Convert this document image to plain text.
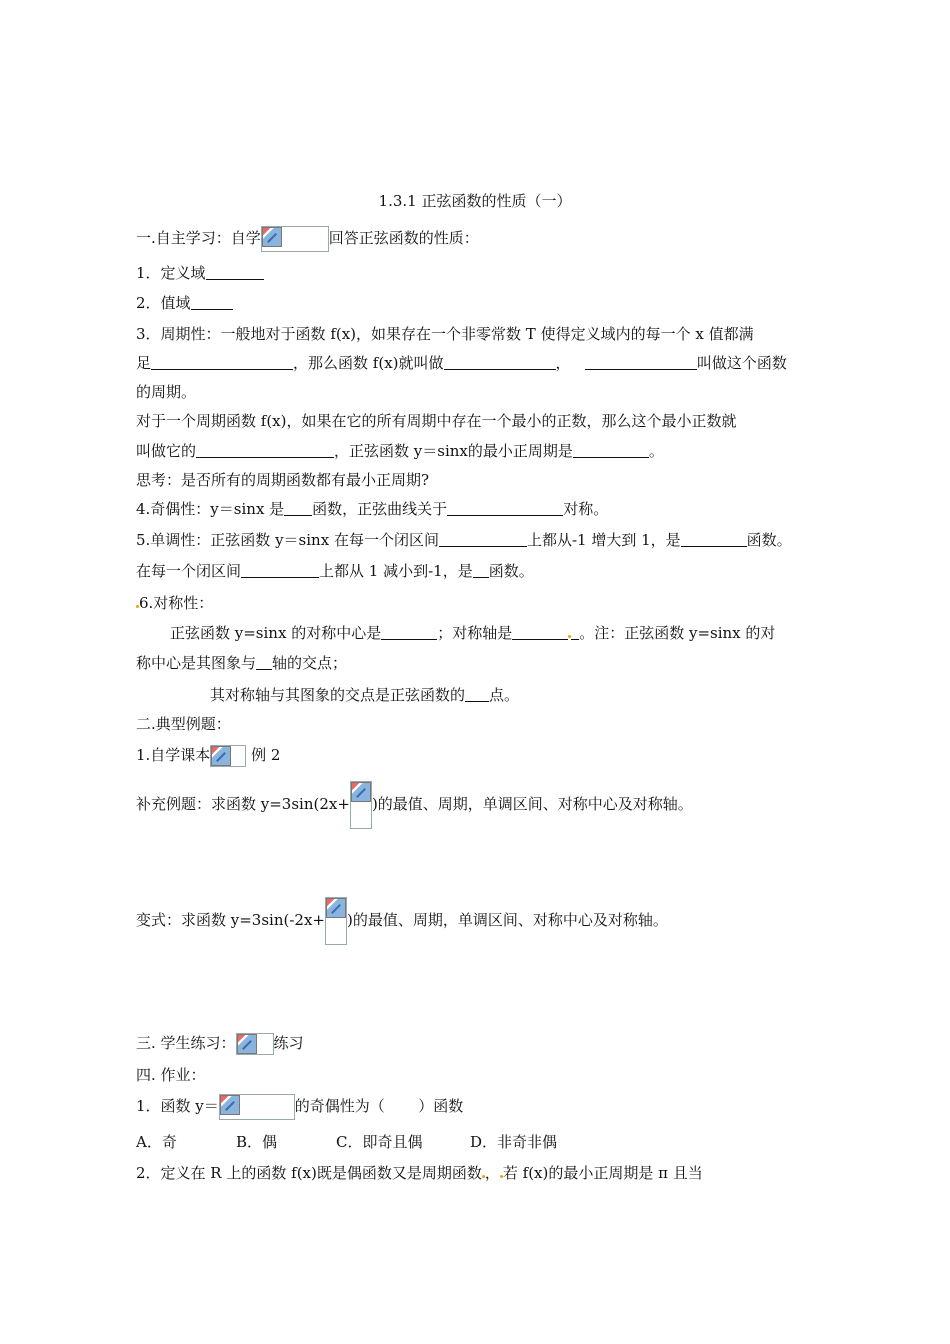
1.3.1 正弦函数的性质（一）
一.自主学习：自学	回答正弦函数的性质：
1．定义域
2．值域
3．周期性：一般地对于函数 f(x)，如果存在一个非零常数 T 使得定义域内的每一个 x 值都满
足	，那么函数 f(x)就叫做	，	叫做这个函数
的周期。
对于一个周期函数 f(x)，如果在它的所有周期中存在一个最小的正数，那么这个最小正数就
叫做它的	，正弦函数 y＝sinx的最小正周期是	。
思考：是否所有的周期函数都有最小正周期?
4.奇偶性：y＝sinx 是 函数，正弦曲线关于	对称。
5.单调性：正弦函数 y＝sinx 在每一个闭区间	上都从-1 增大到 1，是	函数。
在每一个闭区间	上都从 1 减小到-1，是 函数。
6.对称性：
正弦函数 y=sinx 的对称中心是	；对称轴是	。注：正弦函数 y=sinx 的对
称中心是其图象与 轴的交点；
其对称轴与其图象的交点是正弦函数的 点。
二.典型例题：
1.自学课本	例 2
补充例题：求函数 y=3sin(2x+ )的最值、周期，单调区间、对称中心及对称轴。
变式：求函数 y=3sin(-2x+ )的最值、周期，单调区间、对称中心及对称轴。
三. 学生练习：	练习
四. 作业：
1．函数 y＝	的奇偶性为（ ）函数
A．奇	B．偶	C．即奇且偶	D．非奇非偶
2．定义在 R 上的函数 f(x)既是偶函数又是周期函数 ， 若 f(x)的最小正周期是 π 且当
